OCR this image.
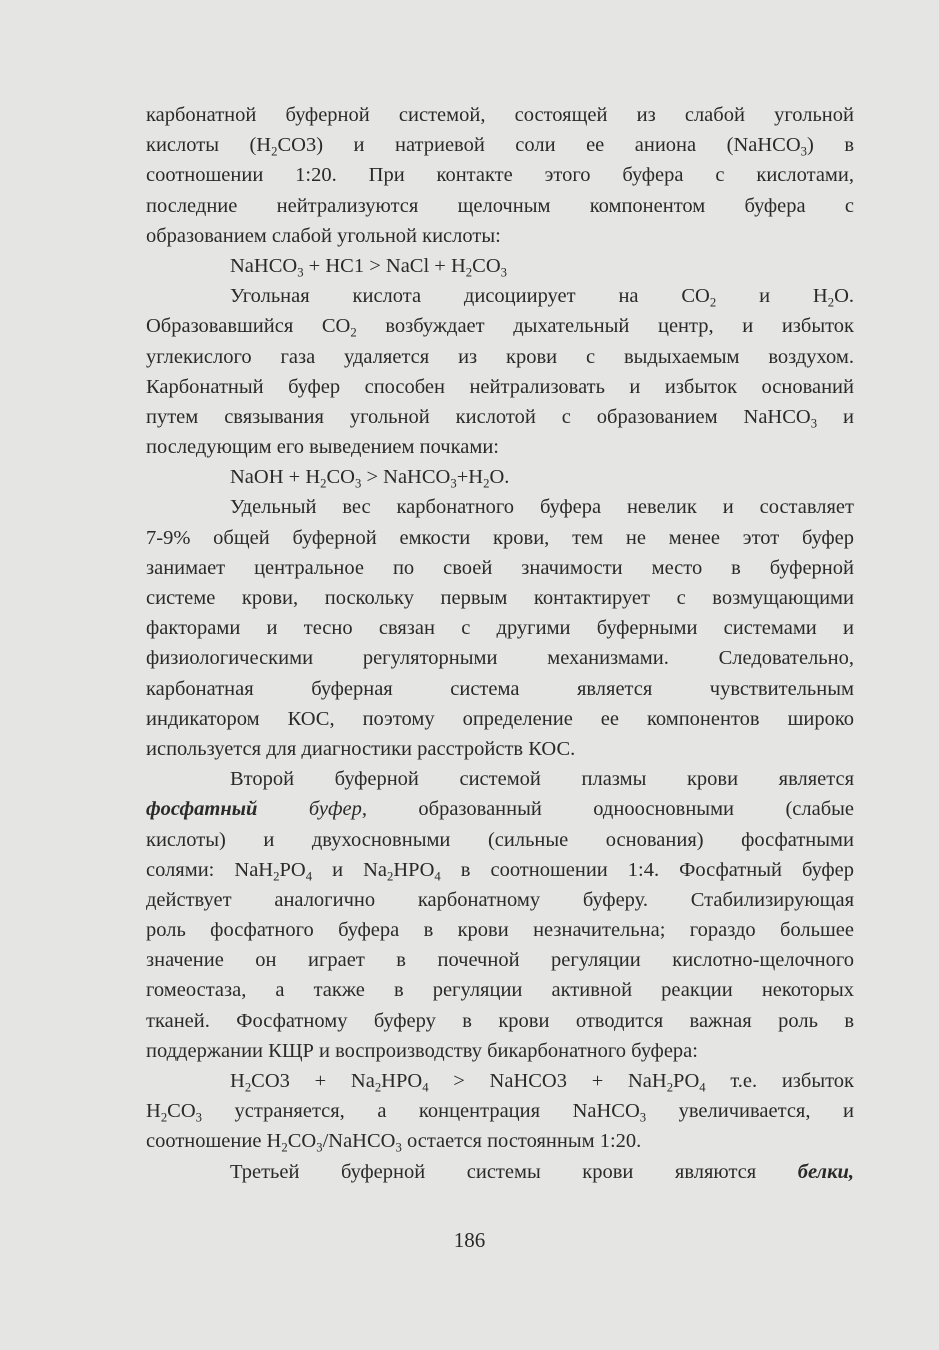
карбонатной буферной системой, состоящей из слабой угольной
кислоты $(H_2CO3)$ и натриевой соли ее аниона (NaHCO$_3$) в
соотношении 1:20. При контакте этого буфера с кислотами,
последние нейтрализуются щелочным компонентом буфера с
образованием слабой угольной кислоты:
NaHCO$_3$ + HC1 > NaCl + $H_2CO_3$
Угольная кислота дисоциирует на $CO_2$ и $H_2O$.
Образовавшийся $CO_2$ возбуждает дыхательный центр, и избыток
углекислого газа удаляется из крови с выдыхаемым воздухом.
Карбонатный буфер способен нейтрализовать и избыток оснований
путем связывания угольной кислотой с образованием NaHCO$_3$ и
последующим его выведением почками:
NaOH + $H_2CO_3$ > $NaHCO_3+H_2O$.
Удельный вес карбонатного буфера невелик и составляет
7-9% общей буферной емкости крови, тем не менее этот буфер
занимает центральное по своей значимости место в буферной
системе крови, поскольку первым контактирует с возмущающими
факторами и тесно связан с другими буферными системами и
физиологическими регуляторными механизмами. Следовательно,
карбонатная буферная система является чувствительным
индикатором КОС, поэтому определение ее компонентов широко
используется для диагностики расстройств КОС.
Второй буферной системой плазмы крови является
фосфатный	буфер, образованный одноосновными (слабые
кислоты) и двухосновными (сильные основания) фосфатными
солями: $NaH_2PO_4$ и $Na_2HPO_4$ в соотношении 1:4. Фосфатный буфер
действует аналогично карбонатному буферу. Стабилизирующая
роль фосфатного буфера в крови незначительна; гораздо большее
значение он играет в почечной регуляции кислотно-щелочного
гомеостаза, а также в регуляции активной реакции некоторых
тканей. Фосфатному буферу в крови отводится важная роль в
поддержании КЩР и воспроизводству бикарбонатного буфера:
$H_2CO3 + Na_2HPO_4$ > NaHCO3 + $NaH_2PO_4$ т.е. избыток
$H_2CO_3$ устраняется, а концентрация NaHCO$_3$ увеличивается, и
соотношение $H_2CO_3/NaHCO_3$ остается постоянным 1:20.
Третьей буферной системы крови являются белки,
186
